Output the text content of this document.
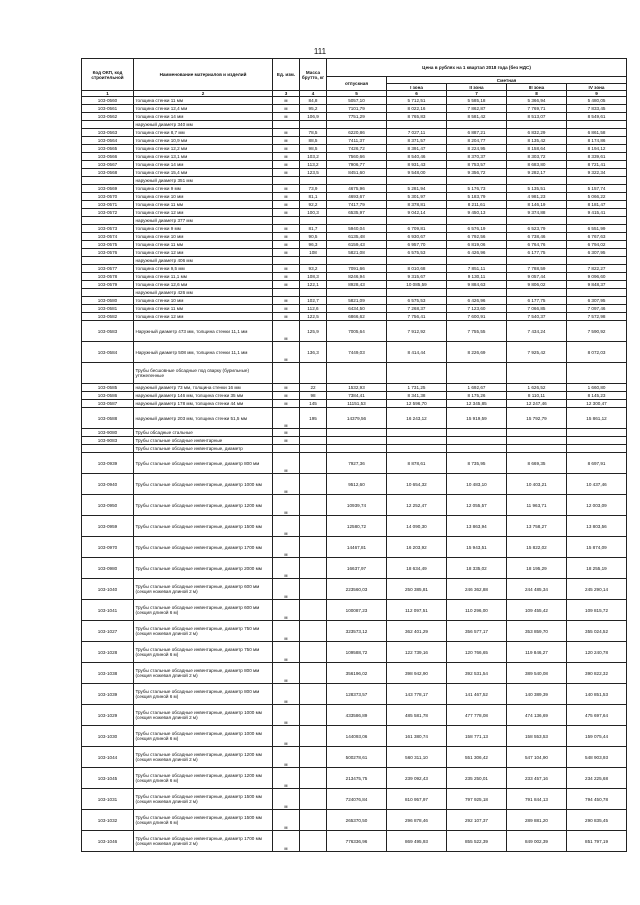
111
Код ОКП, код строительной	Наименование материалов и изделий	Ед. изм.	Масса брутто, кг	Цена в рублях на 1 квартал 2018 года (без НДС)				
				отпускная	Сметная			
					I зона	II зона	III зона	IV зона
1	2	3	4	5	6	7	8	9
103-0560	толщина стенки 11 мм	м	84,8	5057,10	5 712,51	5 585,18	5 366,94	5 480,05
103-0561	толщина стенки 12,4 мм	м	95,2	7101,79	8 022,16	7 862,87	7 769,71	7 833,45
103-0562	толщина стенки 14 мм	м	106,9	7751,29	8 765,83	8 581,42	8 513,07	8 549,61
	наружный диаметр 340 мм							
103-0563	толщина стенки 8,7 мм	м	78,5	6220,86	7 027,11	6 887,21	6 832,29	6 861,58
103-0564	толщина стенки 10,9 мм	м	88,5	7411,37	8 371,57	8 204,77	8 135,42	8 174,86
103-0565	толщина стенки 12,2 мм	м	98,5	7426,72	8 391,47	8 224,95	8 158,64	8 194,12
103-0566	толщина стенки 13,1 мм	м	103,2	7560,66	8 540,46	8 370,37	8 303,72	8 339,61
103-0567	толщина стенки 14 мм	м	113,2	7906,77	8 931,43	8 753,57	8 683,80	8 721,41
103-0568	толщина стенки 15,4 мм	м	123,5	8451,60	9 548,00	9 356,72	9 282,17	9 322,34
	наружный диаметр 351 мм							
103-0569	толщина стенки 9 мм	м	73,9	4675,96	5 281,94	5 176,73	5 135,51	5 157,74
103-0570	толщина стенки 10 мм	м	81,1	4693,67	5 301,97	5 183,79	4 981,23	5 066,22
103-0571	толщина стенки 11 мм	м	92,2	7417,79	8 378,81	8 211,61	8 146,19	8 181,47
103-0572	толщина стенки 12 мм	м	100,3	6535,97	9 042,14	9 450,13	9 374,88	9 415,41
	наружный диаметр 377 мм							
103-0573	толщина стенки 9 мм	м	81,7	5940,04	6 709,81	6 576,19	6 523,79	6 551,99
103-0574	толщина стенки 10 мм	м	90,5	6135,48	6 930,67	6 792,56	6 738,46	6 767,63
103-0575	толщина стенки 11 мм	м	96,3	6159,43	6 957,70	6 819,06	6 764,76	6 794,02
103-0576	толщина стенки 12 мм	м	108	5821,08	6 575,53	6 426,96	6 177,75	6 307,95
	наружный диаметр 406 мм							
103-0577	толщина стенки 9,5 мм	м	93,2	7091,66	8 010,68	7 851,11	7 788,59	7 822,27
103-0578	толщина стенки 11,1 мм	м	108,3	8246,94	9 315,67	9 130,11	9 057,44	9 096,60
103-0579	толщина стенки 12,6 мм	м	122,1	8928,43	10 085,59	9 884,63	9 806,02	9 848,37
	наружный диаметр 426 мм							
103-0580	толщина стенки 10 мм	м	102,7	5821,09	6 575,53	6 426,96	6 177,75	6 307,95
103-0581	толщина стенки 11 мм	м	112,6	6434,50	7 268,37	7 123,60	7 066,85	7 097,46
103-0582	толщина стенки 12 мм	м	122,5	6866,62	7 756,41	7 600,91	7 540,37	7 572,98
103-0583	Наружный диаметр 473 мм, толщина стенки 11,1 мм	м	125,9	7005,64	7 912,92	7 755,55	7 434,24	7 590,92
103-0584	Наружный диаметр 508 мм, толщина стенки 11,1 мм	м	136,3	7449,03	8 414,44	8 226,69	7 925,42	8 072,03
	Трубы бесшовные обсадные под сварку (бурильные) утяжеленные							
103-0585	наружный диаметр 73 мм, толщина стенки 16 мм	м	22	1532,93	1 731,25	1 692,67	1 626,52	1 660,80
103-0586	наружный диаметр 146 мм, толщина стенки 35 мм	м	98	7384,41	8 341,38	8 175,26	8 110,11	8 145,23
103-0587	наружный диаметр 178 мм, толщина стенки 44 мм	м	145	11151,53	12 596,70	12 345,85	12 247,46	12 300,47
103-0588	наружный диаметр 203 мм, толщина стенки 51,5 мм	м	195	14379,56	16 243,12	15 919,59	15 792,79	15 861,12
103-9080	Трубы обсадные стальные	м						
103-9083	Трубы стальные обсадные инвентарные	м						
	Трубы стальные обсадные инвентарные, диаметр							
103-0939	Трубы стальные обсадные инвентарные, диаметр 800 мм	м		7927,36	8 878,61	8 735,95	8 669,35	8 697,91
103-0940	Трубы стальные обсадные инвентарные, диаметр 1000 мм	м		9512,60	10 654,32	10 483,10	10 403,21	10 437,46
103-0950	Трубы стальные обсадные инвентарные, диаметр 1200 мм	м		10939,74	12 252,47	12 055,57	11 963,71	12 003,09
103-0959	Трубы стальные обсадные инвентарные, диаметр 1500 мм	м		12580,72	14 090,30	13 863,94	13 758,27	13 803,56
103-0970	Трубы стальные обсадные инвентарные, диаметр 1700 мм	м		14467,81	16 203,92	15 943,51	15 822,02	15 874,09
103-0980	Трубы стальные обсадные инвентарные, диаметр 2000 мм	м		16637,97	18 634,49	18 335,02	18 195,29	18 255,19
103-1040	Трубы стальные обсадные инвентарные, диаметр 600 мм (секция ножевая длиной 2 м)	м		223560,03	250 385,81	246 362,88	244 485,34	245 290,14
103-1041	Трубы стальные обсадные инвентарные, диаметр 600 мм (секция длиной 6 м)	м		100087,23	112 097,51	110 296,00	109 455,42	109 815,72
103-1027	Трубы стальные обсадные инвентарные, диаметр 750 мм (секция ножевая длиной 2 м)	м		323573,12	362 401,29	356 577,17	353 859,70	355 024,52
103-1028	Трубы стальные обсадные инвентарные, диаметр 750 мм (секция длиной 6 м)	м		109588,72	122 739,16	120 766,65	119 846,27	120 240,78
103-1038	Трубы стальные обсадные инвентарные, диаметр 800 мм (секция ножевая длиной 2 м)	м		356196,02	398 942,90	392 531,54	389 540,08	390 822,32
103-1039	Трубы стальные обсадные инвентарные, диаметр 800 мм (секция длиной 6 м)	м		128373,57	143 778,17	141 467,52	140 389,39	140 851,53
103-1029	Трубы стальные обсадные инвентарные, диаметр 1000 мм (секция ножевая длиной 2 м)	м		433586,89	485 581,78	477 778,08	474 136,69	475 697,64
103-1030	Трубы стальные обсадные инвентарные, диаметр 1000 мм (секция длиной 6 м)	м		144093,06	161 380,74	158 771,13	158 553,53	159 075,44
103-1044	Трубы стальные обсадные инвентарные, диаметр 1200 мм (секция ножевая длиной 2 м)	м		500278,61	560 311,10	551 306,42	547 104,90	548 903,93
103-1045	Трубы стальные обсадные инвентарные, диаметр 1200 мм (секция длиной 6 м)	м		213475,75	239 092,43	235 250,01	233 457,16	234 225,68
103-1031	Трубы стальные обсадные инвентарные, диаметр 1500 мм (секция ножевая длиной 2 м)	м		724076,84	810 957,97	797 925,18	791 844,13	794 450,78
103-1032	Трубы стальные обсадные инвентарные, диаметр 1500 мм (секция длиной 6 м)	м		265370,50	296 878,46	292 107,37	289 881,20	290 835,45
103-1046	Трубы стальные обсадные инвентарные, диаметр 1700 мм (секция ножевая длиной 2 м)	м		776336,96	869 495,93	855 522,39	849 002,39	851 797,19
